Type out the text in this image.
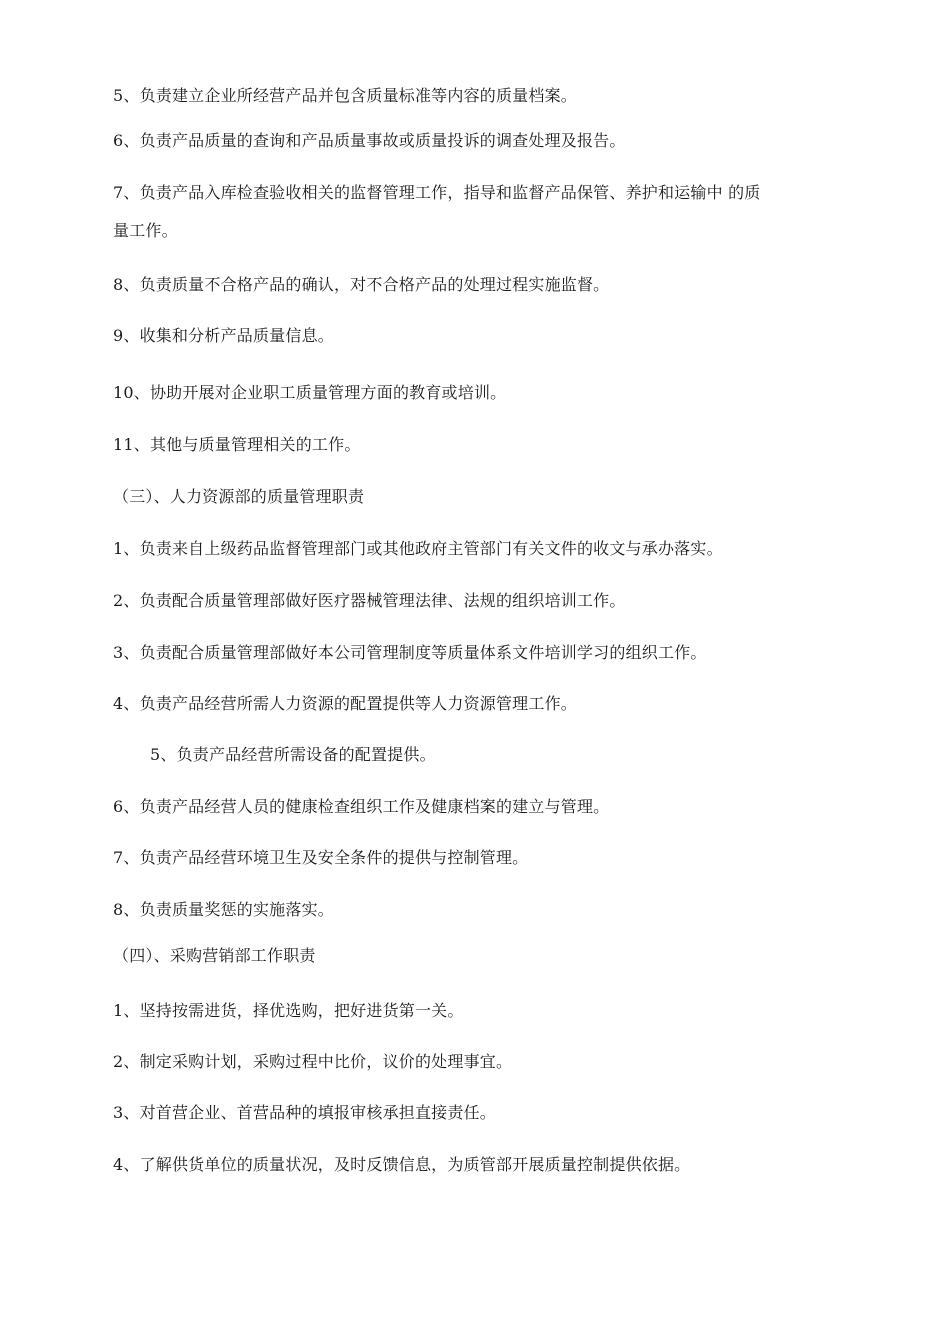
5、负责建立企业所经营产品并包含质量标准等内容的质量档案。
6、负责产品质量的查询和产品质量事故或质量投诉的调查处理及报告。
7、负责产品入库检查验收相关的监督管理工作，指导和监督产品保管、养护和运输中 的质
量工作。
8、负责质量不合格产品的确认，对不合格产品的处理过程实施监督。
9、收集和分析产品质量信息。
10、协助开展对企业职工质量管理方面的教育或培训。
11、其他与质量管理相关的工作。
（三）、人力资源部的质量管理职责
1、负责来自上级药品监督管理部门或其他政府主管部门有关文件的收文与承办落实。
2、负责配合质量管理部做好医疗器械管理法律、法规的组织培训工作。
3、负责配合质量管理部做好本公司管理制度等质量体系文件培训学习的组织工作。
4、负责产品经营所需人力资源的配置提供等人力资源管理工作。
5、负责产品经营所需设备的配置提供。
6、负责产品经营人员的健康检查组织工作及健康档案的建立与管理。
7、负责产品经营环境卫生及安全条件的提供与控制管理。
8、负责质量奖惩的实施落实。
（四）、采购营销部工作职责
1、坚持按需进货，择优选购，把好进货第一关。
2、制定采购计划，采购过程中比价，议价的处理事宜。
3、对首营企业、首营品种的填报审核承担直接责任。
4、了解供货单位的质量状况，及时反馈信息，为质管部开展质量控制提供依据。
